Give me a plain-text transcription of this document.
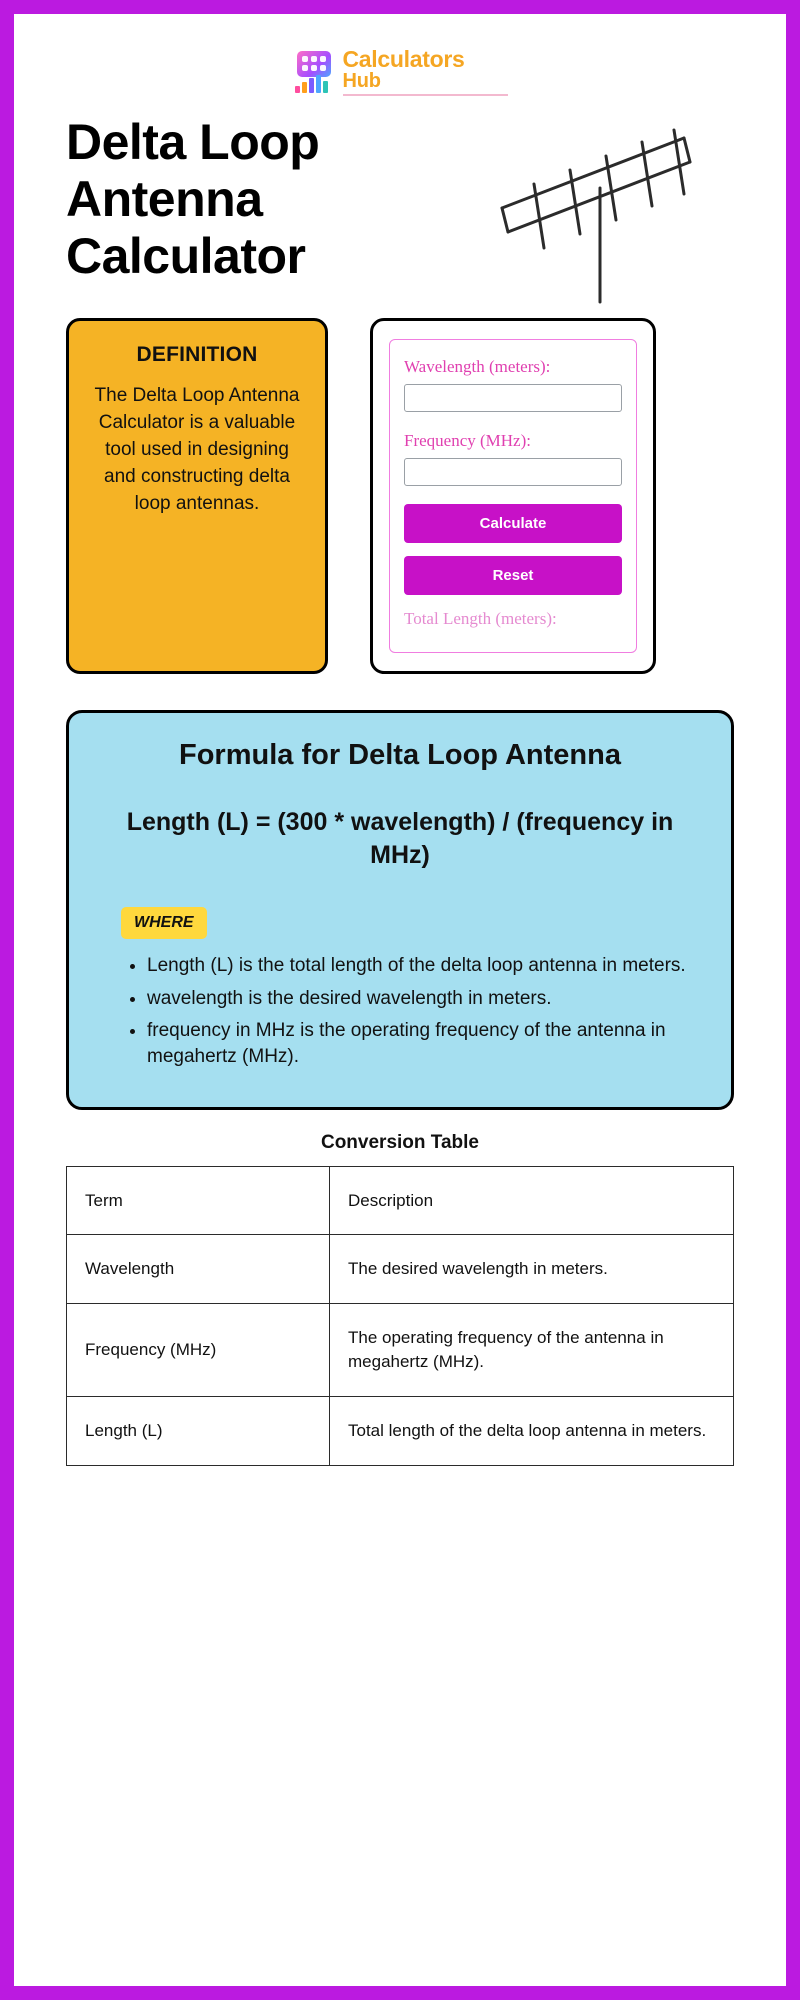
Calculators
Hub
Delta Loop Antenna Calculator
DEFINITION

The Delta Loop Antenna Calculator is a valuable tool used in designing and constructing delta loop antennas.

Wavelength (meters):
Frequency (MHz):
Calculate
Reset
Total Length (meters):
Formula for Delta Loop Antenna
Length (L) = (300 * wavelength) / (frequency in MHz)
WHERE
• Length (L) is the total length of the delta loop antenna in meters.
• wavelength is the desired wavelength in meters.
• frequency in MHz is the operating frequency of the antenna in megahertz (MHz).
Conversion Table
Term	Description
Wavelength	The desired wavelength in meters.
Frequency (MHz)	The operating frequency of the antenna in megahertz (MHz).
Length (L)	Total length of the delta loop antenna in meters.
